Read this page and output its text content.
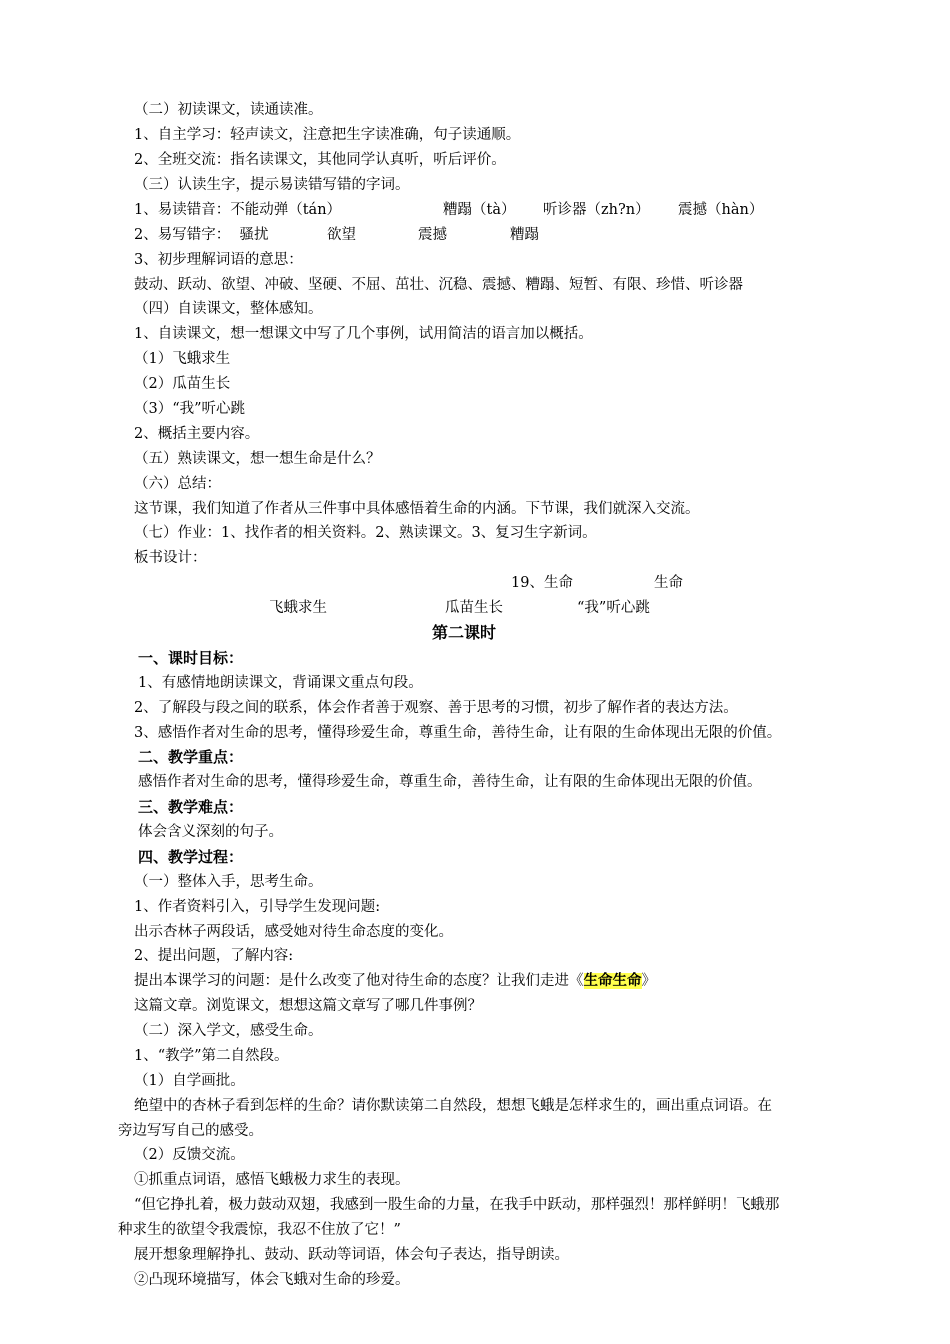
（二）初读课文，读通读准。
1、自主学习：轻声读文，注意把生字读准确，句子读通顺。
2、全班交流：指名读课文，其他同学认真听，听后评价。
（三）认读生字，提示易读错写错的字词。
1、易读错音：不能动弹（tán）	糟蹋（tà） 听诊器（zh?n） 震撼（hàn）
2、易写错字：  骚扰	欲望	震撼	糟蹋
3、初步理解词语的意思：
鼓动、跃动、欲望、冲破、坚硬、不屈、茁壮、沉稳、震撼、糟蹋、短暂、有限、珍惜、听诊器
（四）自读课文，整体感知。
1、自读课文，想一想课文中写了几个事例，试用简洁的语言加以概括。
（1）飞蛾求生
（2）瓜苗生长
（3）“我”听心跳
2、概括主要内容。
（五）熟读课文，想一想生命是什么？
（六）总结：
这节课，我们知道了作者从三件事中具体感悟着生命的内涵。下节课，我们就深入交流。
（七）作业：1、找作者的相关资料。2、熟读课文。3、复习生字新词。
板书设计：
19、生命	生命
飞蛾求生	瓜苗生长	“我”听心跳
第二课时
一、课时目标：
1、有感情地朗读课文，背诵课文重点句段。
2、了解段与段之间的联系，体会作者善于观察、善于思考的习惯，初步了解作者的表达方法。
3、感悟作者对生命的思考，懂得珍爱生命，尊重生命，善待生命，让有限的生命体现出无限的价值。
二、教学重点：
感悟作者对生命的思考，懂得珍爱生命，尊重生命，善待生命，让有限的生命体现出无限的价值。
三、教学难点：
体会含义深刻的句子。
四、教学过程：
（一）整体入手，思考生命。
1、作者资料引入，引导学生发现问题:
出示杏林子两段话，感受她对待生命态度的变化。
2、提出问题，了解内容:
提出本课学习的问题：是什么改变了他对待生命的态度？让我们走进《生命生命》
这篇文章。浏览课文，想想这篇文章写了哪几件事例？
（二）深入学文，感受生命。
1、“教学”第二自然段。
（1）自学画批。
绝望中的杏林子看到怎样的生命？请你默读第二自然段，想想飞蛾是怎样求生的，画出重点词语。在
旁边写写自己的感受。
（2）反馈交流。
①抓重点词语，感悟飞蛾极力求生的表现。
“但它挣扎着，极力鼓动双翅，我感到一股生命的力量，在我手中跃动，那样强烈！那样鲜明！飞蛾那
种求生的欲望令我震惊，我忍不住放了它！”
展开想象理解挣扎、鼓动、跃动等词语，体会句子表达，指导朗读。
②凸现环境描写，体会飞蛾对生命的珍爱。
